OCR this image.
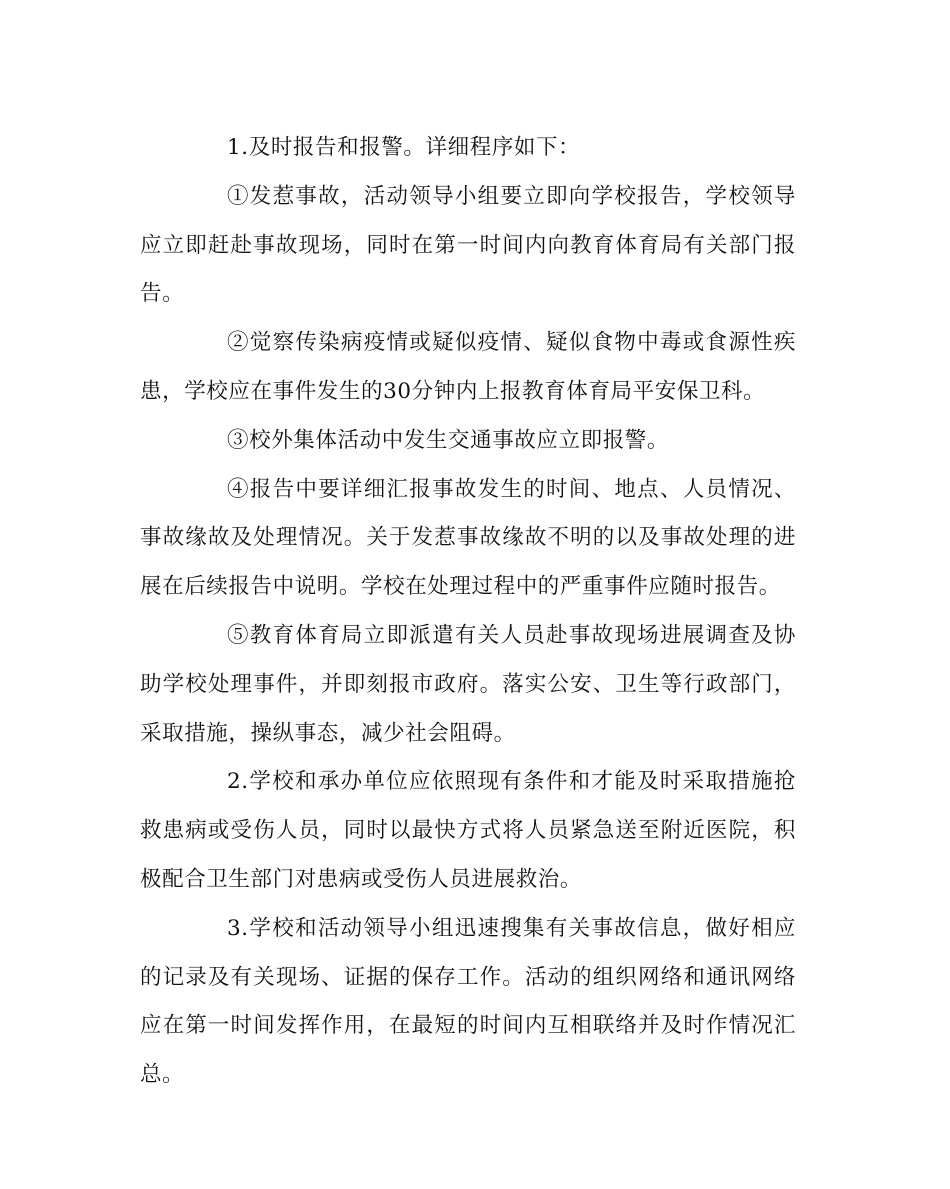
1.及时报告和报警。详细程序如下：

①发惹事故，活动领导小组要立即向学校报告，学校领导应立即赶赴事故现场，同时在第一时间内向教育体育局有关部门报告。

②觉察传染病疫情或疑似疫情、疑似食物中毒或食源性疾患，学校应在事件发生的30分钟内上报教育体育局平安保卫科。

③校外集体活动中发生交通事故应立即报警。

④报告中要详细汇报事故发生的时间、地点、人员情况、事故缘故及处理情况。关于发惹事故缘故不明的以及事故处理的进展在后续报告中说明。学校在处理过程中的严重事件应随时报告。

⑤教育体育局立即派遣有关人员赴事故现场进展调查及协助学校处理事件，并即刻报市政府。落实公安、卫生等行政部门，采取措施，操纵事态，减少社会阻碍。

2.学校和承办单位应依照现有条件和才能及时采取措施抢救患病或受伤人员，同时以最快方式将人员紧急送至附近医院，积极配合卫生部门对患病或受伤人员进展救治。

3.学校和活动领导小组迅速搜集有关事故信息，做好相应的记录及有关现场、证据的保存工作。活动的组织网络和通讯网络应在第一时间发挥作用，在最短的时间内互相联络并及时作情况汇总。
